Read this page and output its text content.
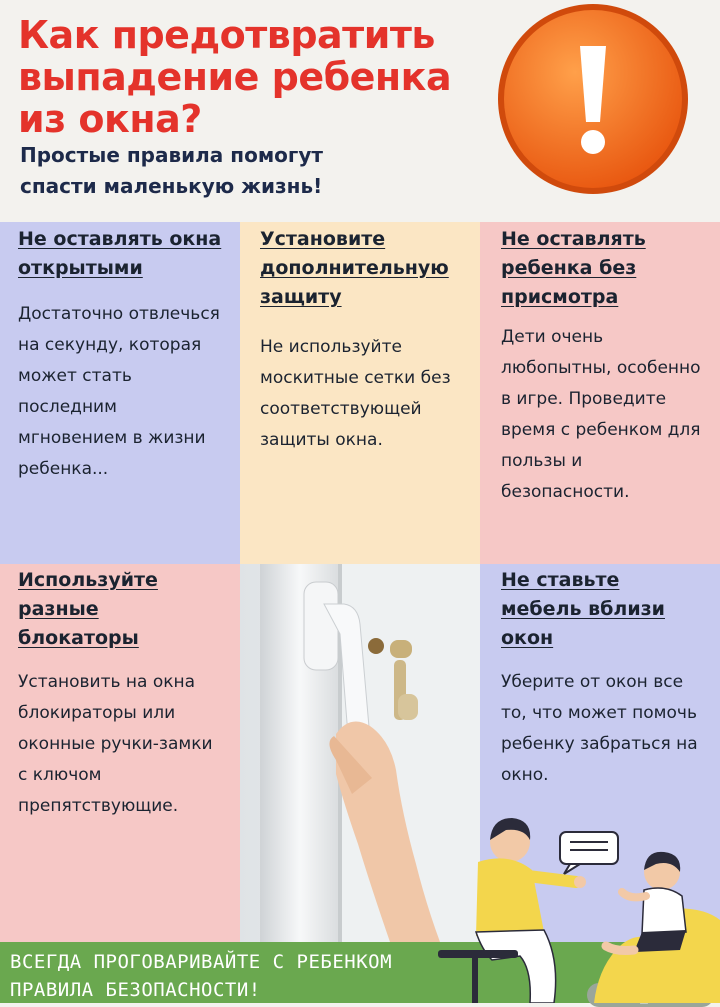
Как предотвратить выпадение ребенка из окна?

Простые правила помогут спасти маленькую жизнь!

Не оставлять окна открытыми

Достаточно отвлечься на секунду, которая может стать последним мгновением в жизни ребенка...

Установите дополнительную защиту

Не используйте москитные сетки без соответствующей защиты окна.

Не оставлять ребенка без присмотра

Дети очень любопытны, особенно в игре. Проведите время с ребенком для пользы и безопасности.

Используйте разные блокаторы

Установить на окна блокираторы или оконные ручки-замки с ключом препятствующие.

Не ставьте мебель вблизи окон

Уберите от окон все то, что может помочь ребенку забраться на окно.

ВСЕГДА ПРОГОВАРИВАЙТЕ С РЕБЕНКОМ ПРАВИЛА БЕЗОПАСНОСТИ!
